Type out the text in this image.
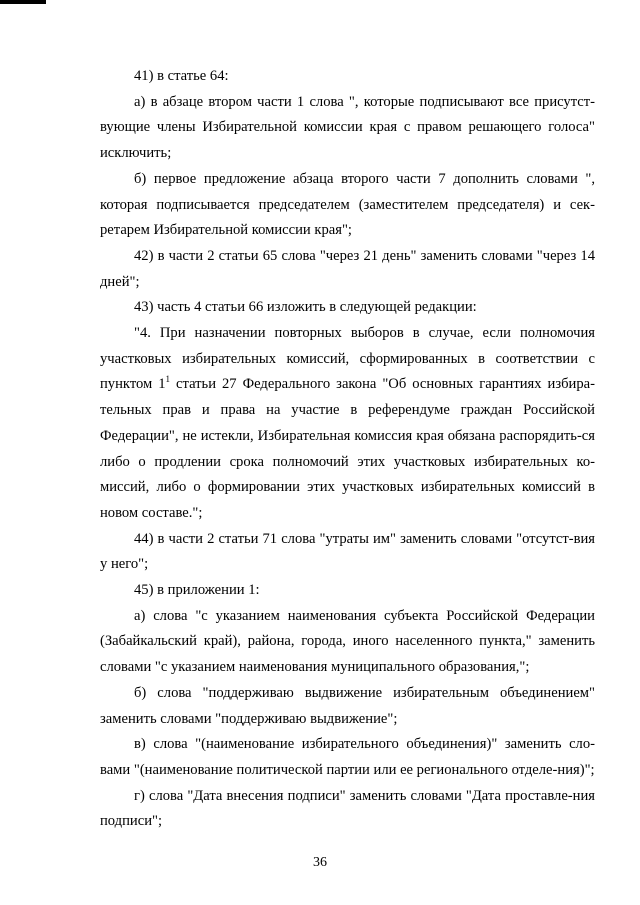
41) в статье 64:

а) в абзаце втором части 1 слова ", которые подписывают все присутст-вующие члены Избирательной комиссии края с правом решающего голоса" исключить;

б) первое предложение абзаца второго части 7 дополнить словами ", которая подписывается председателем (заместителем председателя) и сек-ретарем Избирательной комиссии края";

42) в части 2 статьи 65 слова "через 21 день" заменить словами "через 14 дней";

43) часть 4 статьи 66 изложить в следующей редакции:

"4. При назначении повторных выборов в случае, если полномочия участковых избирательных комиссий, сформированных в соответствии с пунктом $1^1$ статьи 27 Федерального закона "Об основных гарантиях избира-тельных прав и права на участие в референдуме граждан Российской Федерации", не истекли, Избирательная комиссия края обязана распорядить-ся либо о продлении срока полномочий этих участковых избирательных ко-миссий, либо о формировании этих участковых избирательных комиссий в новом составе.";

44) в части 2 статьи 71 слова "утраты им" заменить словами "отсутст-вия у него";

45) в приложении 1:

а) слова "с указанием наименования субъекта Российской Федерации (Забайкальский край), района, города, иного населенного пункта," заменить словами "с указанием наименования муниципального образования,";

б) слова "поддерживаю выдвижение избирательным объединением" заменить словами "поддерживаю выдвижение";

в) слова "(наименование избирательного объединения)" заменить сло-вами "(наименование политической партии или ее регионального отделе-ния)";

г) слова "Дата внесения подписи" заменить словами "Дата проставле-ния подписи";

36
